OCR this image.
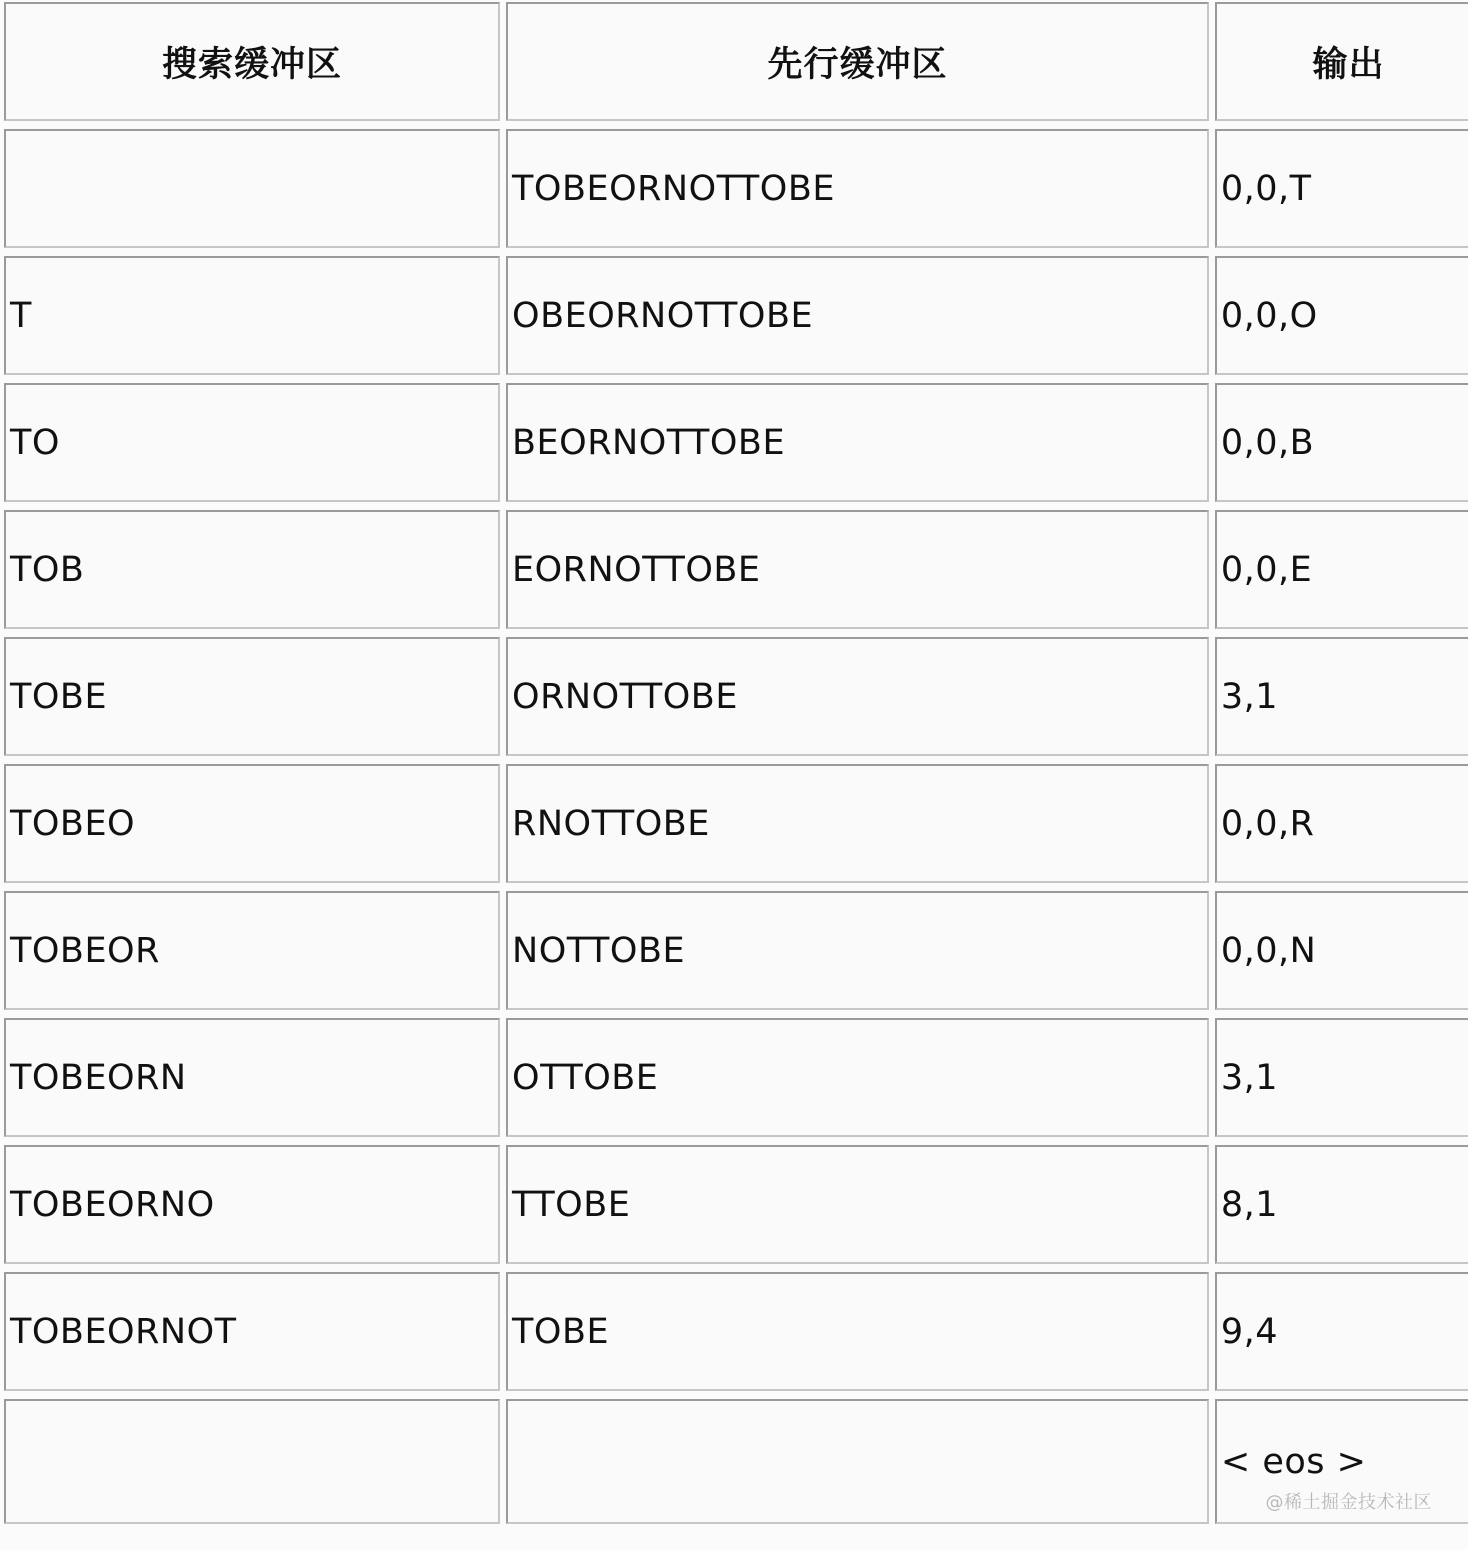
搜索缓冲区	先行缓冲区	输出
	TOBEORNOTTOBE	0,0,T
T	OBEORNOTTOBE	0,0,O
TO	BEORNOTTOBE	0,0,B
TOB	EORNOTTOBE	0,0,E
TOBE	ORNOTTOBE	3,1
TOBEO	RNOTTOBE	0,0,R
TOBEOR	NOTTOBE	0,0,N
TOBEORN	OTTOBE	3,1
TOBEORNO	TTOBE	8,1
TOBEORNOT	TOBE	9,4
		< eos >
@稀土掘金技术社区
